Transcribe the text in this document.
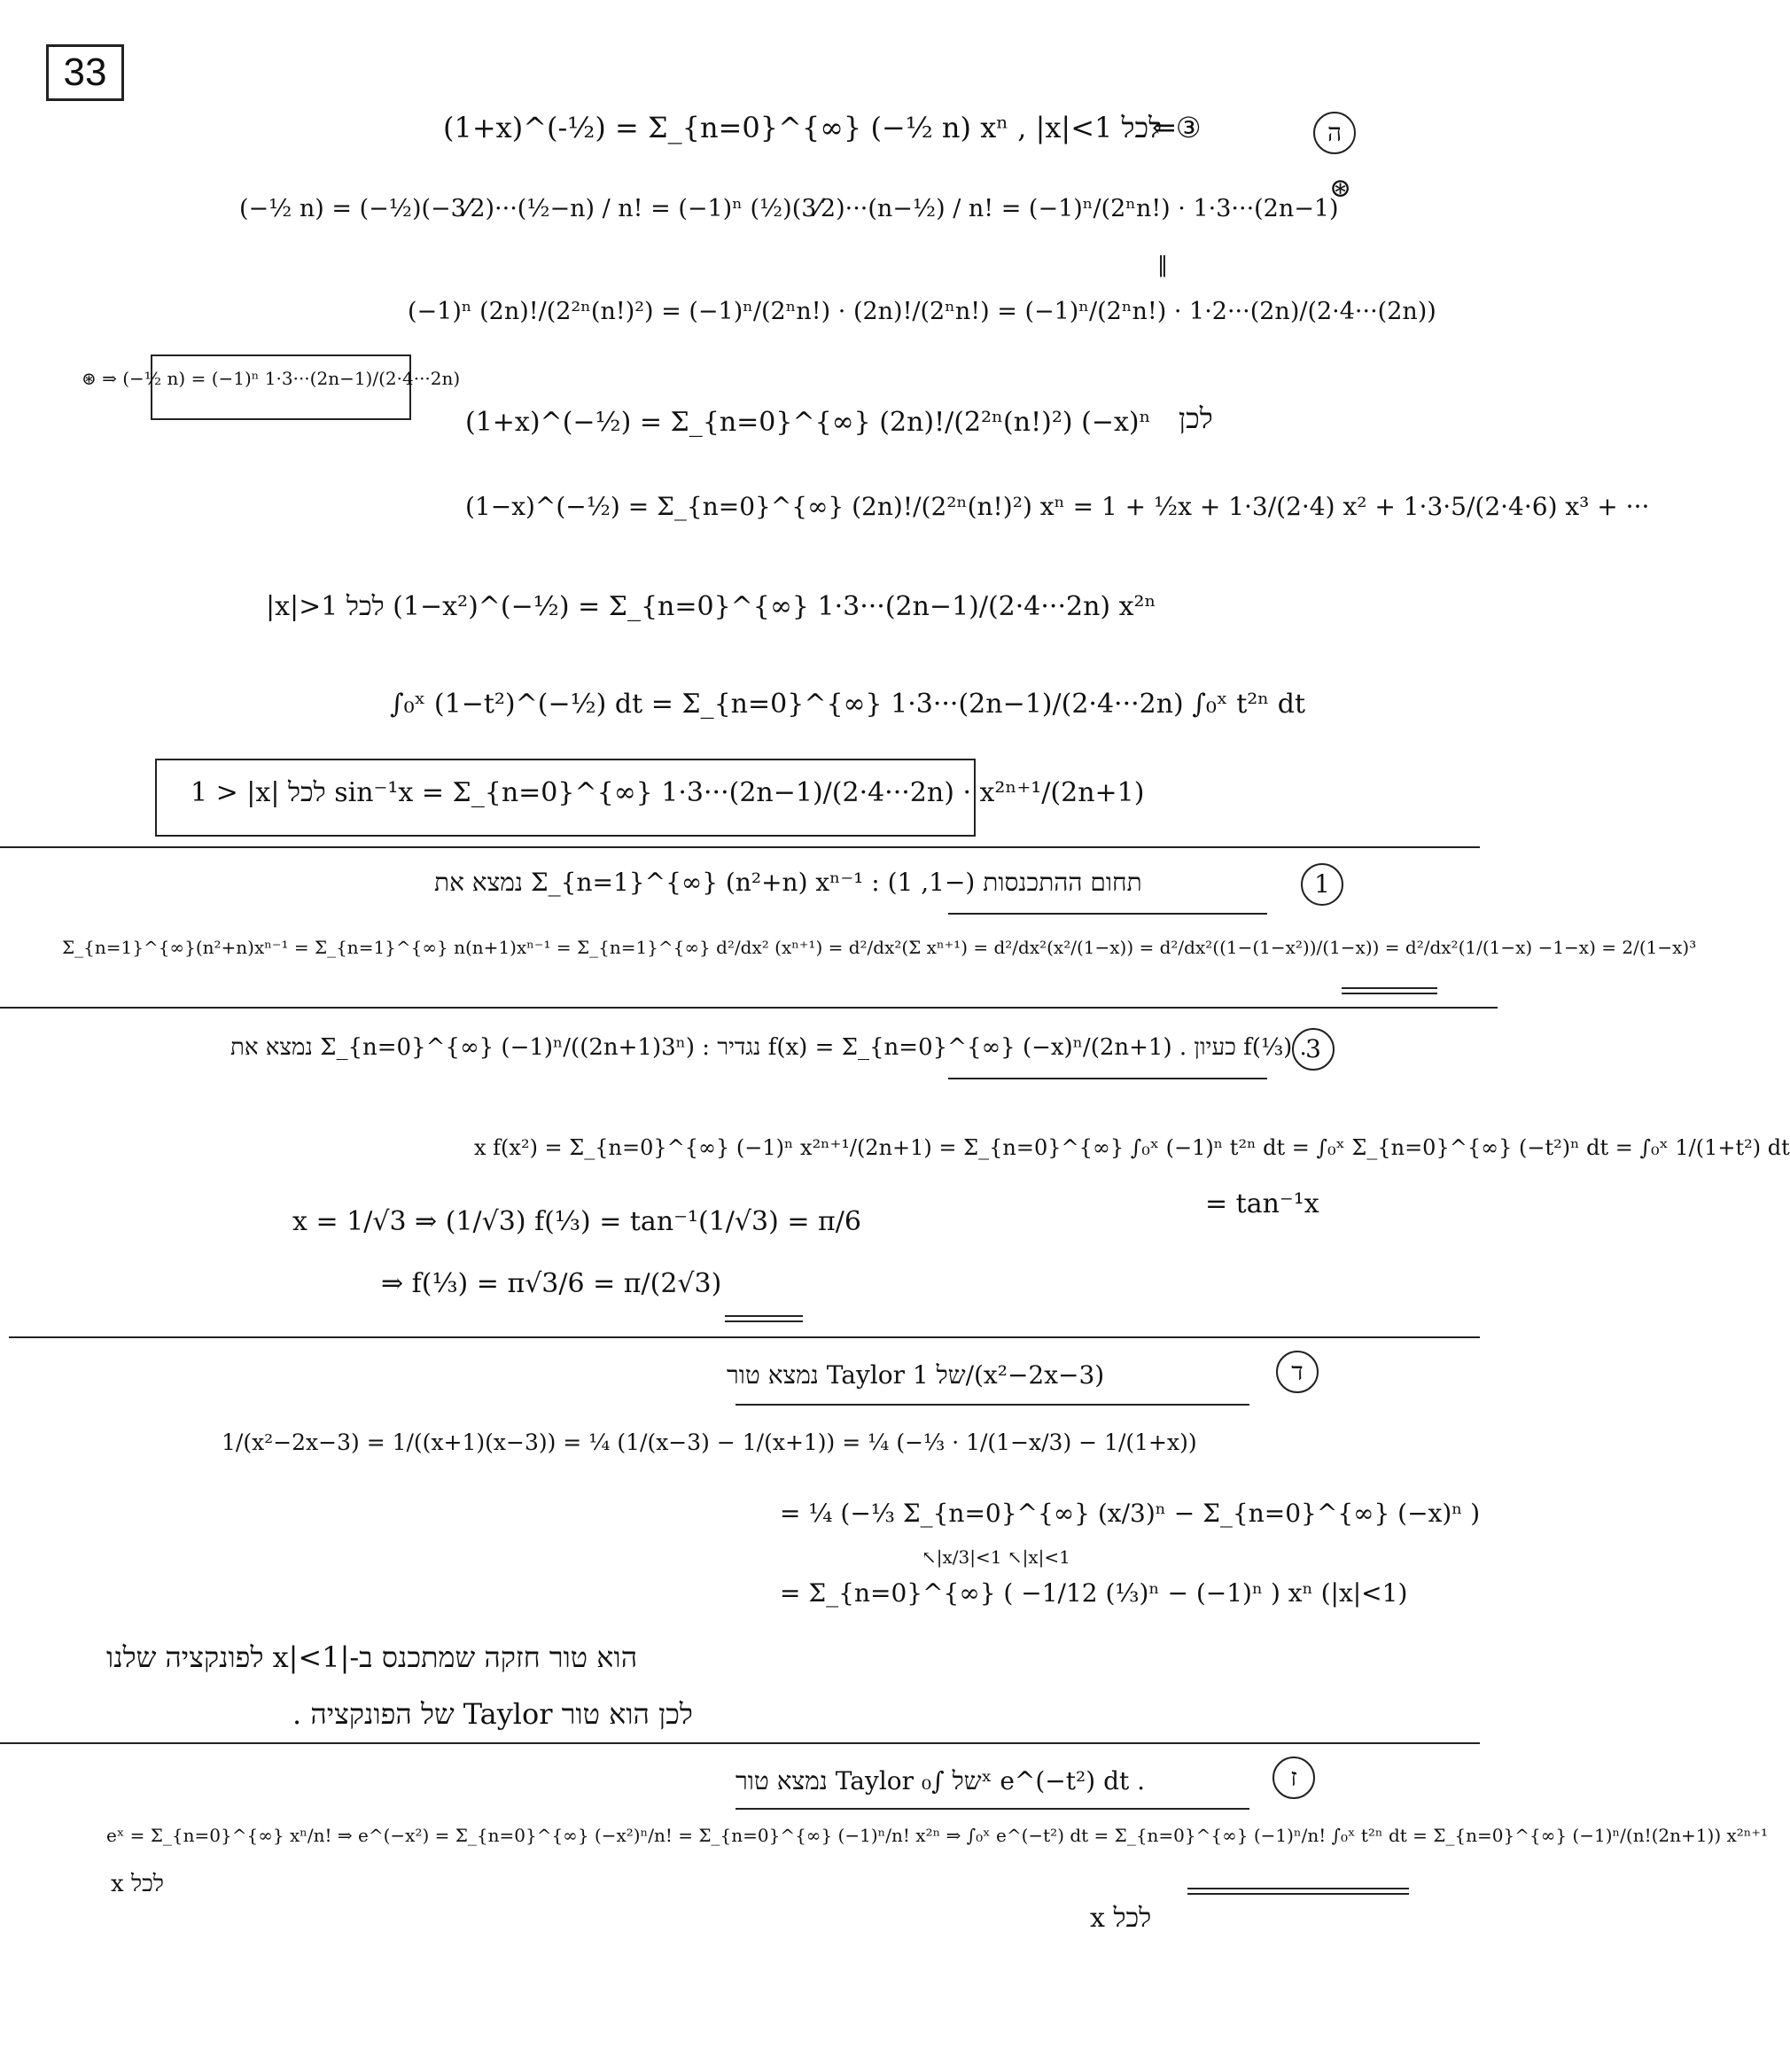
33
ה
⇐③
(1+x)^(-½) = Σ_{n=0}^{∞} (−½ n) xⁿ , |x|<1 לכל
(−½ n) = (−½)(−3⁄2)···(½−n) / n! = (−1)ⁿ (½)(3⁄2)···(n−½) / n! = (−1)ⁿ/(2ⁿn!) · 1·3···(2n−1)
⊛
‖
(−1)ⁿ (2n)!/(2²ⁿ(n!)²) = (−1)ⁿ/(2ⁿn!) · (2n)!/(2ⁿn!) = (−1)ⁿ/(2ⁿn!) · 1·2···(2n)/(2·4···(2n))
⊛ ⇒ (−½ n) = (−1)ⁿ 1·3···(2n−1)/(2·4···2n)
(1+x)^(−½) = Σ_{n=0}^{∞} (2n)!/(2²ⁿ(n!)²) (−x)ⁿ לכן
(1−x)^(−½) = Σ_{n=0}^{∞} (2n)!/(2²ⁿ(n!)²) xⁿ = 1 + ½x + 1·3/(2·4) x² + 1·3·5/(2·4·6) x³ + ···
|x|>1 לכל (1−x²)^(−½) = Σ_{n=0}^{∞} 1·3···(2n−1)/(2·4···2n) x²ⁿ
∫₀ˣ (1−t²)^(−½) dt = Σ_{n=0}^{∞} 1·3···(2n−1)/(2·4···2n) ∫₀ˣ t²ⁿ dt
1 > |x| לכל sin⁻¹x = Σ_{n=0}^{∞} 1·3···(2n−1)/(2·4···2n) · x²ⁿ⁺¹/(2n+1)
1
נמצא את Σ_{n=1}^{∞} (n²+n) xⁿ⁻¹ : תחום ההתכנסות (−1, 1)
Σ_{n=1}^{∞}(n²+n)xⁿ⁻¹ = Σ_{n=1}^{∞} n(n+1)xⁿ⁻¹ = Σ_{n=1}^{∞} d²/dx² (xⁿ⁺¹) = d²/dx²(Σ xⁿ⁺¹) = d²/dx²(x²/(1−x)) = d²/dx²((1−(1−x²))/(1−x)) = d²/dx²(1/(1−x) −1−x) = 2/(1−x)³
3
נמצא את Σ_{n=0}^{∞} (−1)ⁿ/((2n+1)3ⁿ) : נגדיר f(x) = Σ_{n=0}^{∞} (−x)ⁿ/(2n+1) . כעיון f(⅓) .
x f(x²) = Σ_{n=0}^{∞} (−1)ⁿ x²ⁿ⁺¹/(2n+1) = Σ_{n=0}^{∞} ∫₀ˣ (−1)ⁿ t²ⁿ dt = ∫₀ˣ Σ_{n=0}^{∞} (−t²)ⁿ dt = ∫₀ˣ 1/(1+t²) dt
= tan⁻¹x
x = 1/√3 ⇒ (1/√3) f(⅓) = tan⁻¹(1/√3) = π/6
⇒ f(⅓) = π√3/6 = π/(2√3)
ד
נמצא טור Taylor של 1/(x²−2x−3)
1/(x²−2x−3) = 1/((x+1)(x−3)) = ¼ (1/(x−3) − 1/(x+1)) = ¼ (−⅓ · 1/(1−x/3) − 1/(1+x))
= ¼ (−⅓ Σ_{n=0}^{∞} (x/3)ⁿ − Σ_{n=0}^{∞} (−x)ⁿ )
↖|x/3|<1 ↖|x|<1
= Σ_{n=0}^{∞} ( −1/12 (⅓)ⁿ − (−1)ⁿ ) xⁿ (|x|<1)
הוא טור חזקה שמתכנס ב-|x|<1 לפונקציה שלנו
לכן הוא טור Taylor של הפונקציה .
ז
נמצא טור Taylor של ∫₀ˣ e^(−t²) dt .
eˣ = Σ_{n=0}^{∞} xⁿ/n! ⇒ e^(−x²) = Σ_{n=0}^{∞} (−x²)ⁿ/n! = Σ_{n=0}^{∞} (−1)ⁿ/n! x²ⁿ ⇒ ∫₀ˣ e^(−t²) dt = Σ_{n=0}^{∞} (−1)ⁿ/n! ∫₀ˣ t²ⁿ dt = Σ_{n=0}^{∞} (−1)ⁿ/(n!(2n+1)) x²ⁿ⁺¹
x לכל
x לכל
